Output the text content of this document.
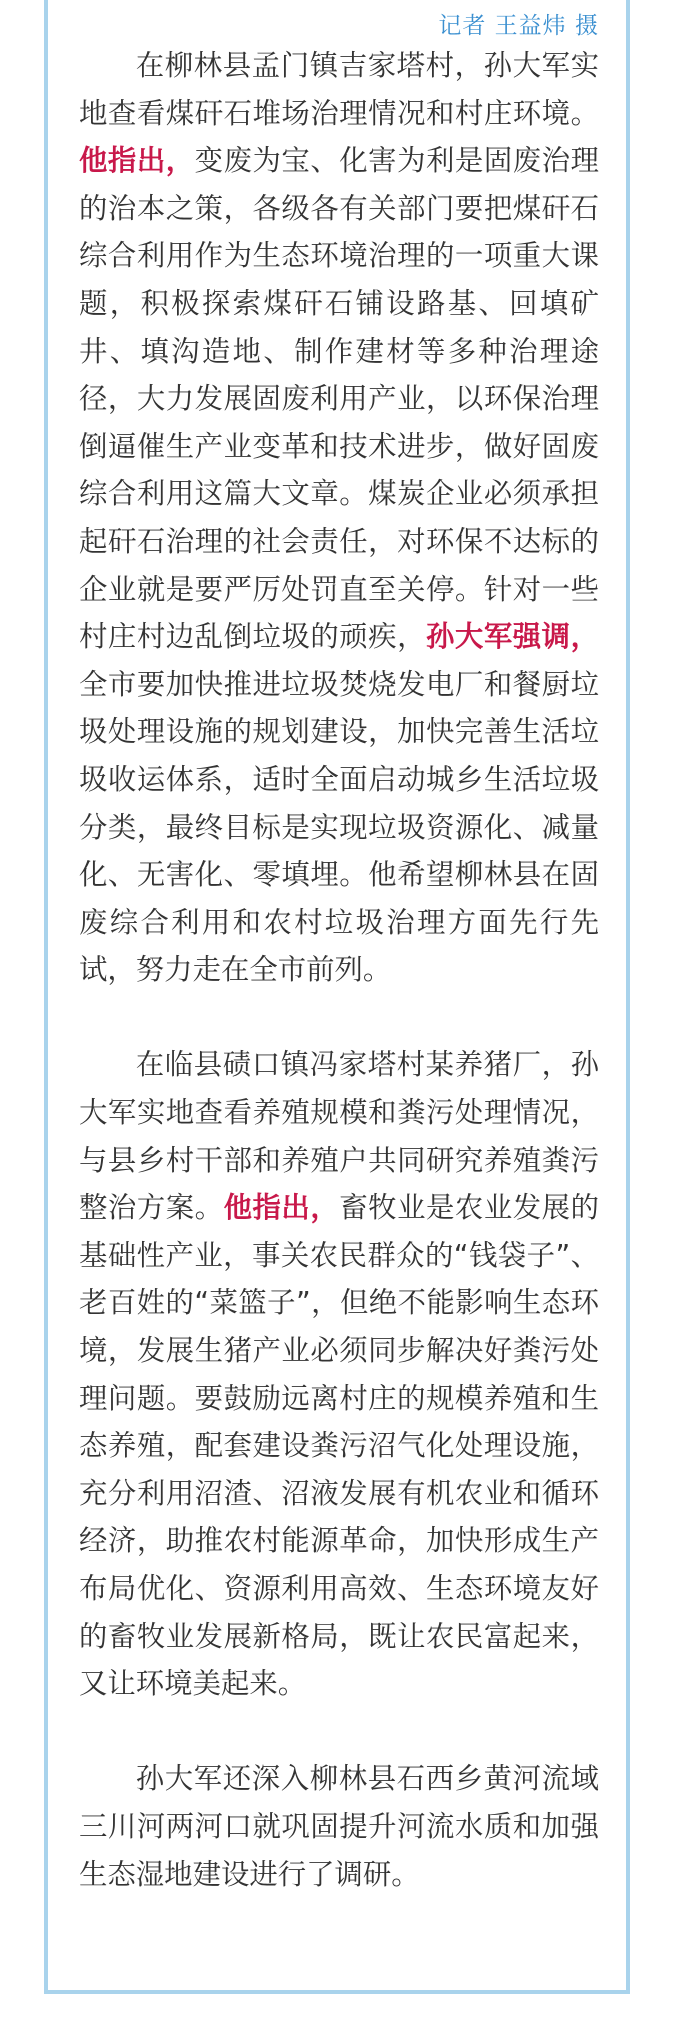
记者 王益炜 摄

在柳林县孟门镇吉家塔村，孙大军实地查看煤矸石堆场治理情况和村庄环境。他指出，变废为宝、化害为利是固废治理的治本之策，各级各有关部门要把煤矸石综合利用作为生态环境治理的一项重大课题，积极探索煤矸石铺设路基、回填矿井、填沟造地、制作建材等多种治理途径，大力发展固废利用产业，以环保治理倒逼催生产业变革和技术进步，做好固废综合利用这篇大文章。煤炭企业必须承担起矸石治理的社会责任，对环保不达标的企业就是要严厉处罚直至关停。针对一些村庄村边乱倒垃圾的顽疾，孙大军强调，全市要加快推进垃圾焚烧发电厂和餐厨垃圾处理设施的规划建设，加快完善生活垃圾收运体系，适时全面启动城乡生活垃圾分类，最终目标是实现垃圾资源化、减量化、无害化、零填埋。他希望柳林县在固废综合利用和农村垃圾治理方面先行先试，努力走在全市前列。

在临县碛口镇冯家塔村某养猪厂，孙大军实地查看养殖规模和粪污处理情况，与县乡村干部和养殖户共同研究养殖粪污整治方案。他指出，畜牧业是农业发展的基础性产业，事关农民群众的“钱袋子”、老百姓的“菜篮子”，但绝不能影响生态环境，发展生猪产业必须同步解决好粪污处理问题。要鼓励远离村庄的规模养殖和生态养殖，配套建设粪污沼气化处理设施，充分利用沼渣、沼液发展有机农业和循环经济，助推农村能源革命，加快形成生产布局优化、资源利用高效、生态环境友好的畜牧业发展新格局，既让农民富起来，又让环境美起来。

孙大军还深入柳林县石西乡黄河流域三川河两河口就巩固提升河流水质和加强生态湿地建设进行了调研。
